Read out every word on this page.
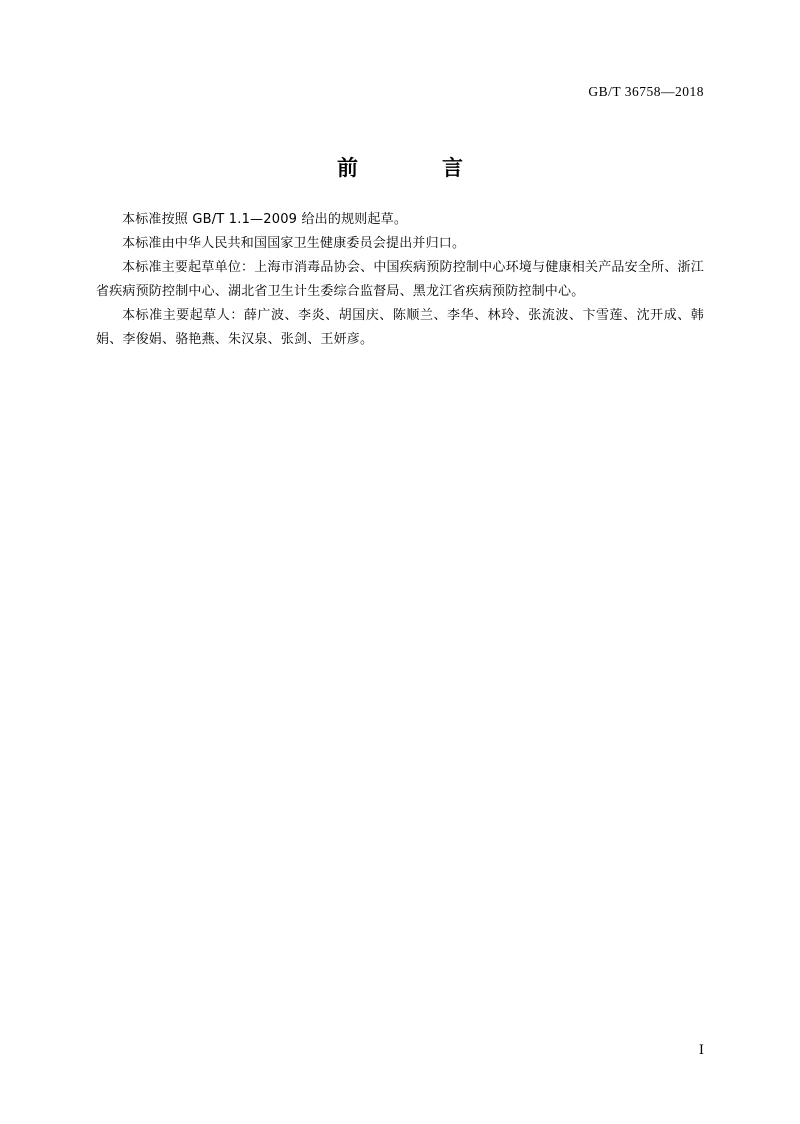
GB/T 36758—2018
前　　言

本标准按照 GB/T 1.1—2009 给出的规则起草。

本标准由中华人民共和国国家卫生健康委员会提出并归口。

本标准主要起草单位：上海市消毒品协会、中国疾病预防控制中心环境与健康相关产品安全所、浙江省疾病预防控制中心、湖北省卫生计生委综合监督局、黑龙江省疾病预防控制中心。

本标准主要起草人：薛广波、李炎、胡国庆、陈顺兰、李华、林玲、张流波、卞雪莲、沈开成、韩娟、李俊娟、骆艳燕、朱汉泉、张剑、王妍彦。

Ⅰ
